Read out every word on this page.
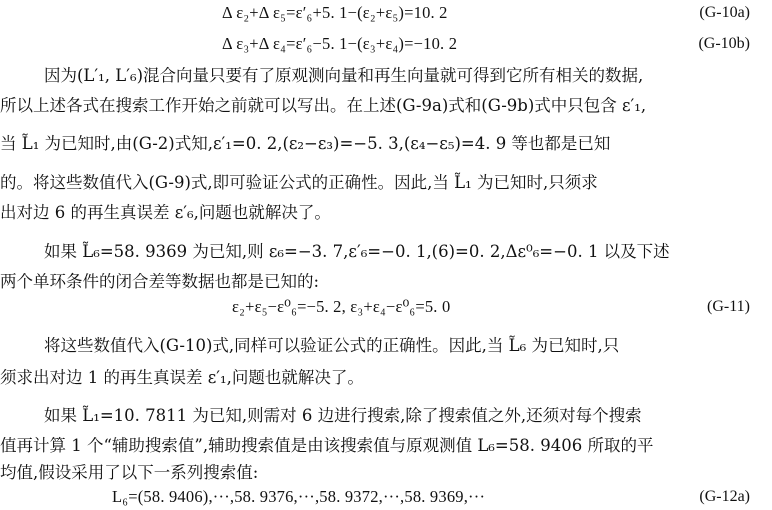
Δ ε₂+Δ ε₅=ε′₆+5. 1−(ε₂+ε₅)=10. 2	(G-10a)
Δ ε₃+Δ ε₄=ε′₆−5. 1−(ε₃+ε₄)=−10. 2	(G-10b)
因为(L′₁, L′₆)混合向量只要有了原观测向量和再生向量就可得到它所有相关的数据,
所以上述各式在搜索工作开始之前就可以写出。在上述(G-9a)式和(G-9b)式中只包含 ε′₁,
当 L̃₁ 为已知时,由(G-2)式知,ε′₁=0. 2,(ε₂−ε₃)=−5. 3,(ε₄−ε₅)=4. 9 等也都是已知
的。将这些数值代入(G-9)式,即可验证公式的正确性。因此,当 L̃₁ 为已知时,只须求
出对边 6 的再生真误差 ε′₆,问题也就解决了。
如果 L̃₆=58. 9369 为已知,则 ε₆=−3. 7,ε′₆=−0. 1,(6)=0. 2,Δε⁰₆=−0. 1 以及下述
两个单环条件的闭合差等数据也都是已知的:
ε₂+ε₅−ε⁰₆=−5. 2, ε₃+ε₄−ε⁰₆=5. 0	(G-11)
将这些数值代入(G-10)式,同样可以验证公式的正确性。因此,当 L̃₆ 为已知时,只
须求出对边 1 的再生真误差 ε′₁,问题也就解决了。
如果 L̃₁=10. 7811 为已知,则需对 6 边进行搜索,除了搜索值之外,还须对每个搜索
值再计算 1 个“辅助搜索值”,辅助搜索值是由该搜索值与原观测值 L₆=58. 9406 所取的平
均值,假设采用了以下一系列搜索值:
L₆=(58. 9406),···,58. 9376,···,58. 9372,···,58. 9369,···	(G-12a)
